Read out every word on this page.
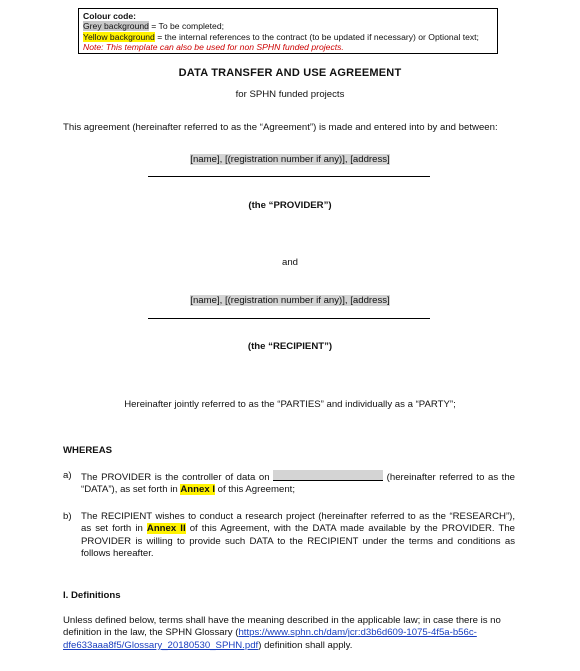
Colour code:
Grey background = To be completed;
Yellow background = the internal references to the contract (to be updated if necessary) or Optional text;
Note: This template can also be used for non SPHN funded projects.
DATA TRANSFER AND USE AGREEMENT
for SPHN funded projects
This agreement (hereinafter referred to as the “Agreement”) is made and entered into by and between:
[name], [(registration number if any)], [address]
(the “PROVIDER”)
and
[name], [(registration number if any)], [address]
(the “RECIPIENT”)
Hereinafter jointly referred to as the “PARTIES” and individually as a “PARTY”;
WHEREAS
a) The PROVIDER is the controller of data on	(hereinafter referred to as the “DATA”), as set forth in Annex I of this Agreement;
b) The RECIPIENT wishes to conduct a research project (hereinafter referred to as the “RESEARCH”), as set forth in Annex II of this Agreement, with the DATA made available by the PROVIDER. The PROVIDER is willing to provide such DATA to the RECIPIENT under the terms and conditions as follows hereafter.
I. Definitions
Unless defined below, terms shall have the meaning described in the applicable law; in case there is no definition in the law, the SPHN Glossary (https://www.sphn.ch/dam/jcr:d3b6d609-1075-4f5a-b56c-dfe633aaa8f5/Glossary_20180530_SPHN.pdf) definition shall apply.
